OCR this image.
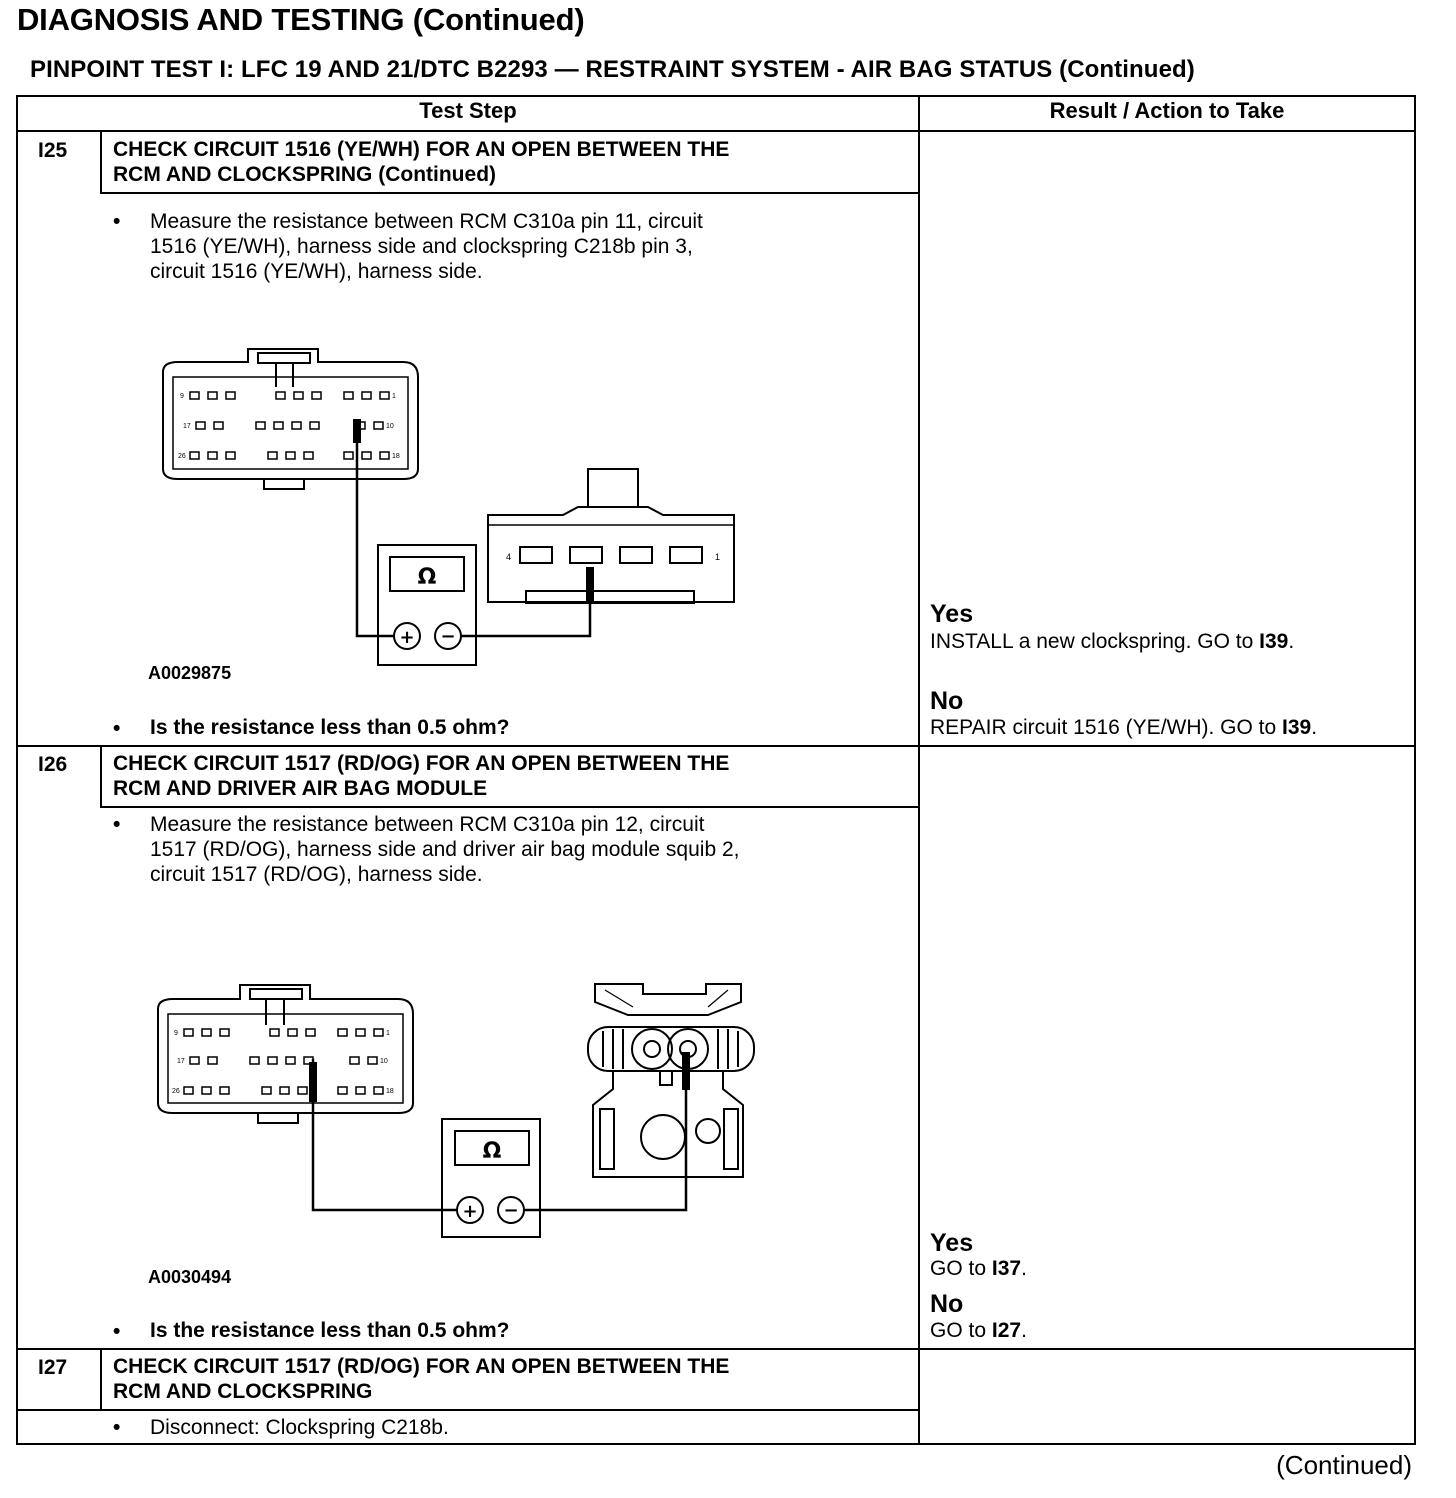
DIAGNOSIS AND TESTING (Continued)
PINPOINT TEST I: LFC 19 AND 21/DTC B2293 — RESTRAINT SYSTEM - AIR BAG STATUS (Continued)
Test Step	Result / Action to Take
I25 CHECK CIRCUIT 1516 (YE/WH) FOR AN OPEN BETWEEN THE
RCM AND CLOCKSPRING (Continued)
• Measure the resistance between RCM C310a pin 11, circuit
1516 (YE/WH), harness side and clockspring C218b pin 3,
circuit 1516 (YE/WH), harness side.
9	1
17	10
26	18
4	1
Ω
+ −
A0029875
• Is the resistance less than 0.5 ohm?
Yes
INSTALL a new clockspring. GO to I39.
No
REPAIR circuit 1516 (YE/WH). GO to I39.
I26 CHECK CIRCUIT 1517 (RD/OG) FOR AN OPEN BETWEEN THE
RCM AND DRIVER AIR BAG MODULE
• Measure the resistance between RCM C310a pin 12, circuit
1517 (RD/OG), harness side and driver air bag module squib 2,
circuit 1517 (RD/OG), harness side.
9	1
17	10
26	18
Ω
+ −
A0030494
• Is the resistance less than 0.5 ohm?
Yes
GO to I37.
No
GO to I27.
I27 CHECK CIRCUIT 1517 (RD/OG) FOR AN OPEN BETWEEN THE
RCM AND CLOCKSPRING
• Disconnect: Clockspring C218b.
(Continued)
